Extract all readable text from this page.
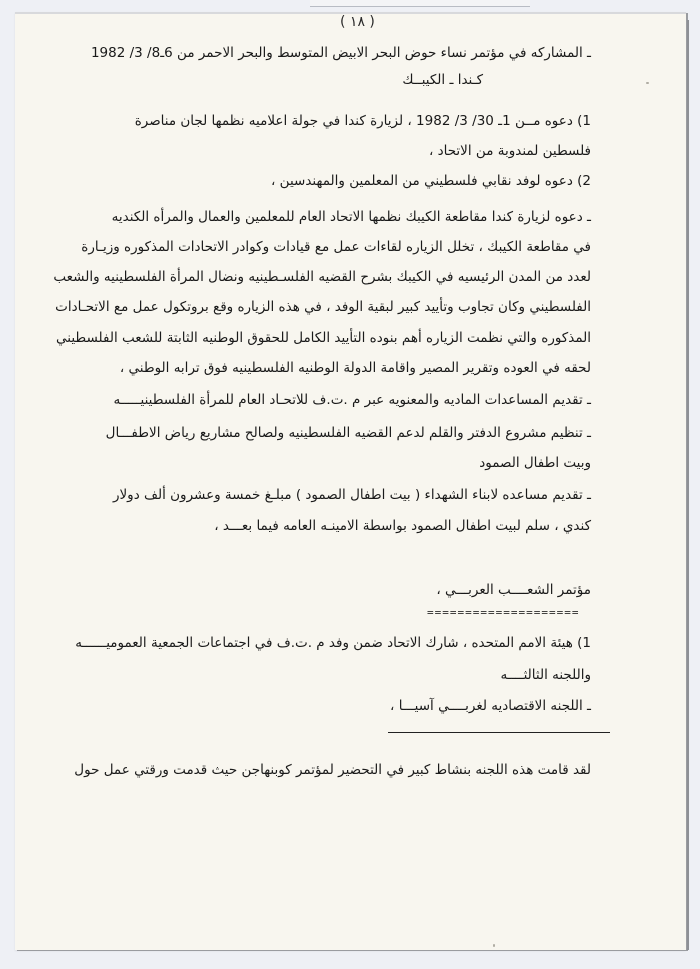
( ١٨ )
ـ المشاركه في مؤتمر نساء حوض البحر الابيض المتوسط والبحر الاحمر من 6ـ8/ 3/ 1982
كـندا ـ الكيبــك
1) دعوه مــن 1ـ 30/ 3/ 1982 ، لزيارة كندا في جولة اعلاميه نظمها لجان مناصرة
فلسطين لمندوبة من الاتحاد ،
2) دعوه لوفد نقابي فلسطيني من المعلمين والمهندسين ،
ـ دعوه لزيارة كندا مقاطعة الكيبك نظمها الاتحاد العام للمعلمين والعمال والمرأه الكنديه
في مقاطعة الكيبك ، تخلل الزياره لقاءات عمل مع قيادات وكوادر الاتحادات المذكوره وزيـارة
لعدد من المدن الرئيسيه في الكيبك بشرح القضيه الفلسـطينيه ونضال المرأة الفلسطينيه والشعب
الفلسطيني وكان تجاوب وتأييد كبير لبقية الوفد ، في هذه الزياره وقع بروتكول عمل مع الاتحـادات
المذكوره والتي نظمت الزياره أهم بنوده التأييد الكامل للحقوق الوطنيه الثابتة للشعب الفلسطيني
لحقه في العوده وتقرير المصير واقامة الدولة الوطنيه الفلسطينيه فوق ترابه الوطني ،
ـ تقديم المساعدات الماديه والمعنويه عبر م .ت.ف للاتحـاد العام للمرأة الفلسطينيـــــه
ـ تنظيم مشروع الدفتر والقلم لدعم القضيه الفلسطينيه ولصالح مشاريع رياض الاطفـــال
وبيت اطفال الصمود
ـ تقديم مساعده لابناء الشهداء ( بيت اطفال الصمود ) مبلـغ خمسة وعشرون ألف دولار
كندي ، سلم لبيت اطفال الصمود بواسطة الامينـه العامه فيما بعـــد ،
مؤتمر الشعــــب العربـــي ،
====================
1) هيئة الامم المتحده ، شارك الاتحاد ضمن وفد م .ت.ف في اجتماعات الجمعية العموميــــــه
واللجنه الثالثــــه
ـ اللجنه الاقتصاديه لغربــــي آسيـــا ،
لقد قامت هذه اللجنه بنشاط كبير في التحضير لمؤتمر كوبنهاجن حيث قدمت ورقتي عمل حول
